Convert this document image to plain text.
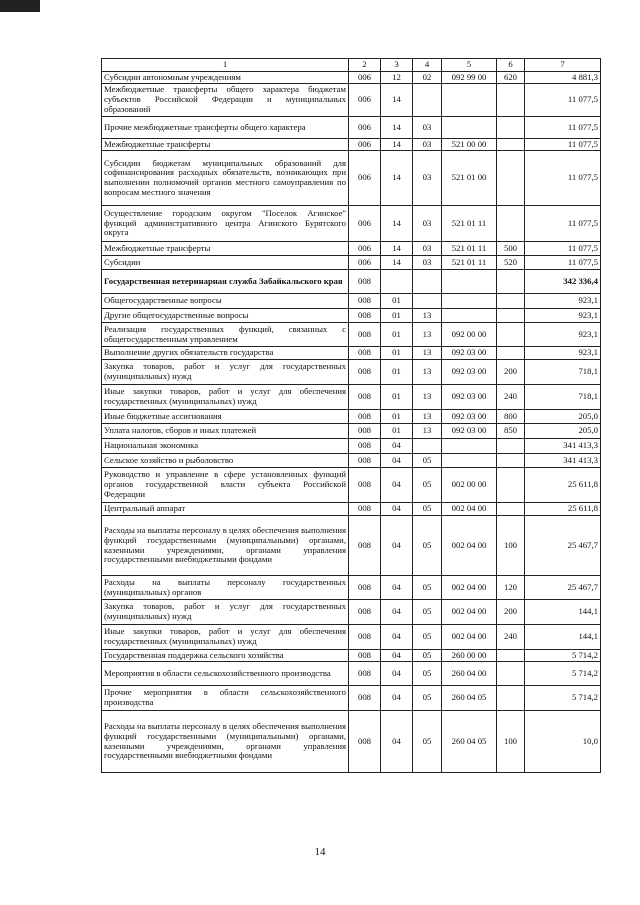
1	2	3	4	5	6	7
Субсидии автономным учреждениям	006	12	02	092 99 00	620	4 881,3
Межбюджетные трансферты общего характера бюджетам субъектов Российской Федерации и муниципальных образований	006	14				11 077,5
Прочие межбюджетные трансферты общего характера	006	14	03			11 077,5
Межбюджетные трансферты	006	14	03	521 00 00		11 077,5
Субсидии бюджетам муниципальных образований для софинансирования расходных обязательств, возникающих при выполнении полномочий органов местного самоуправления по вопросам местного значения	006	14	03	521 01 00		11 077,5
Осуществление городским округом "Поселок Агинское" функций административного центра Агинского Бурятского округа	006	14	03	521 01 11		11 077,5
Межбюджетные трансферты	006	14	03	521 01 11	500	11 077,5
Субсидии	006	14	03	521 01 11	520	11 077,5
Государственная ветеринарная служба Забайкальского края	008					342 336,4
Общегосударственные вопросы	008	01				923,1
Другие общегосударственные вопросы	008	01	13			923,1
Реализация государственных функций, связанных с общегосударственным управлением	008	01	13	092 00 00		923,1
Выполнение других обязательств государства	008	01	13	092 03 00		923,1
Закупка товаров, работ и услуг для государственных (муниципальных) нужд	008	01	13	092 03 00	200	718,1
Иные закупки товаров, работ и услуг для обеспечения государственных (муниципальных) нужд	008	01	13	092 03 00	240	718,1
Иные бюджетные ассигнования	008	01	13	092 03 00	800	205,0
Уплата налогов, сборов и иных платежей	008	01	13	092 03 00	850	205,0
Национальная экономика	008	04				341 413,3
Сельское хозяйство и рыболовство	008	04	05			341 413,3
Руководство и управление в сфере установленных функций органов государственной власти субъекта Российской Федерации	008	04	05	002 00 00		25 611,8
Центральный аппарат	008	04	05	002 04 00		25 611,8
Расходы на выплаты персоналу в целях обеспечения выполнения функций государственными (муниципальными) органами, казенными учреждениями, органами управления государственными внебюджетными фондами	008	04	05	002 04 00	100	25 467,7
Расходы на выплаты персоналу государственных (муниципальных) органов	008	04	05	002 04 00	120	25 467,7
Закупка товаров, работ и услуг для государственных (муниципальных) нужд	008	04	05	002 04 00	200	144,1
Иные закупки товаров, работ и услуг для обеспечения государственных (муниципальных) нужд	008	04	05	002 04 00	240	144,1
Государственная поддержка сельского хозяйства	008	04	05	260 00 00		5 714,2
Мероприятия в области сельскохозяйственного производства	008	04	05	260 04 00		5 714,2
Прочие мероприятия в области сельскохозяйственного производства	008	04	05	260 04 05		5 714,2
Расходы на выплаты персоналу в целях обеспечения выполнения функций государственными (муниципальными) органами, казенными учреждениями, органами управления государственными внебюджетными фондами	008	04	05	260 04 05	100	10,0
14
